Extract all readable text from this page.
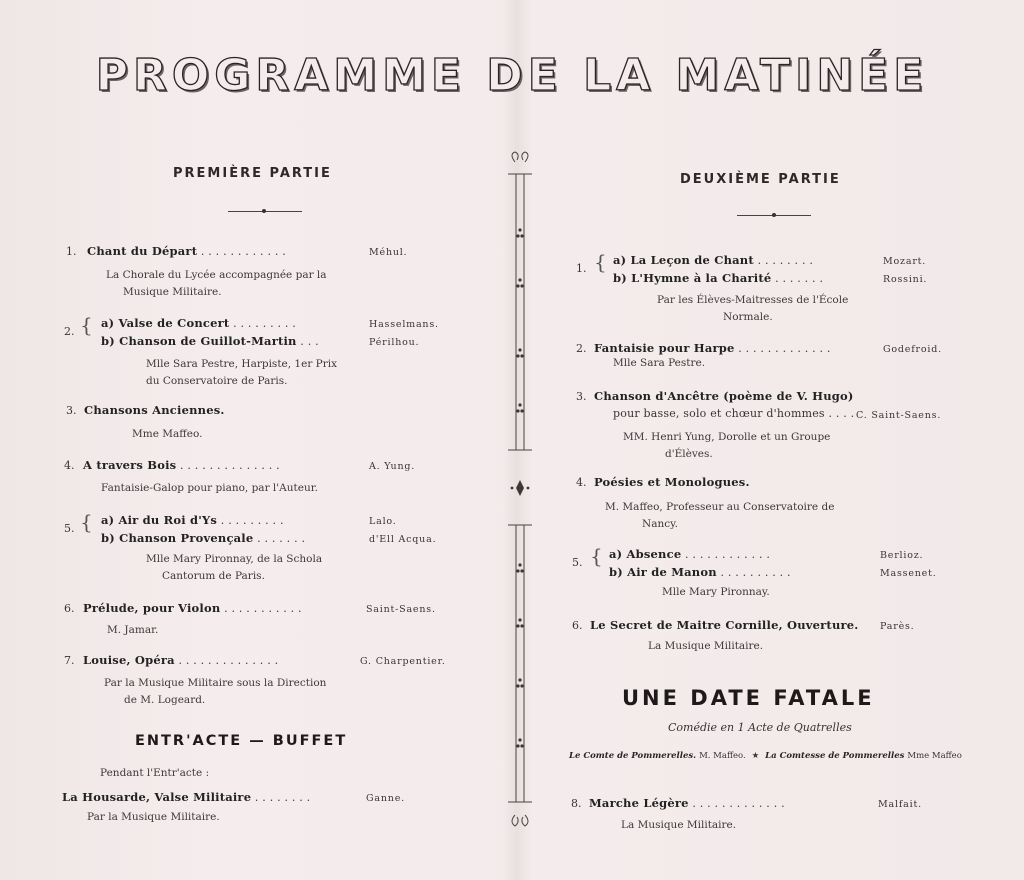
PROGRAMME DE LA MATINÉE
PREMIÈRE PARTIE
1. Chant du Départ . . . . . . . . . . . .	Méhul.
La Chorale du Lycée accompagnée par la
Musique Militaire.
2. { a) Valse de Concert . . . . . . . . .	Hasselmans.
b) Chanson de Guillot-Martin . . .	Périlhou.
Mlle Sara Pestre, Harpiste, 1er Prix
du Conservatoire de Paris.
3. Chansons Anciennes.
Mme Maffeo.
4. A travers Bois . . . . . . . . . . . . . .	A. Yung.
Fantaisie-Galop pour piano, par l'Auteur.
5. { a) Air du Roi d'Ys . . . . . . . . .	Lalo.
b) Chanson Provençale . . . . . . .	d'Ell Acqua.
Mlle Mary Pironnay, de la Schola
Cantorum de Paris.
6. Prélude, pour Violon . . . . . . . . . . .	Saint-Saens.
M. Jamar.
7. Louise, Opéra . . . . . . . . . . . . . .	G. Charpentier.
Par la Musique Militaire sous la Direction
de M. Logeard.
ENTR'ACTE — BUFFET
Pendant l'Entr'acte :
La Housarde, Valse Militaire . . . . . . . .	Ganne.
Par la Musique Militaire.
DEUXIÈME PARTIE
1. { a) La Leçon de Chant . . . . . . . .	Mozart.
b) L'Hymne à la Charité . . . . . . .	Rossini.
Par les Élèves-Maitresses de l'École
Normale.
2. Fantaisie pour Harpe . . . . . . . . . . . . .	Godefroid.
Mlle Sara Pestre.
3. Chanson d'Ancêtre (poème de V. Hugo)
pour basse, solo et chœur d'hommes . . . . C. Saint-Saens.
MM. Henri Yung, Dorolle et un Groupe
d'Élèves.
4. Poésies et Monologues.
M. Maffeo, Professeur au Conservatoire de
Nancy.
5. { a) Absence . . . . . . . . . . . .	Berlioz.
b) Air de Manon . . . . . . . . . .	Massenet.
Mlle Mary Pironnay.
6. Le Secret de Maitre Cornille, Ouverture. Parès.
La Musique Militaire.
UNE DATE FATALE
Comédie en 1 Acte de Quatrelles
Le Comte de Pommerelles. M. Maffeo. ★ La Comtesse de Pommerelles Mme Maffeo
8. Marche Légère . . . . . . . . . . . . .	Malfait.
La Musique Militaire.
